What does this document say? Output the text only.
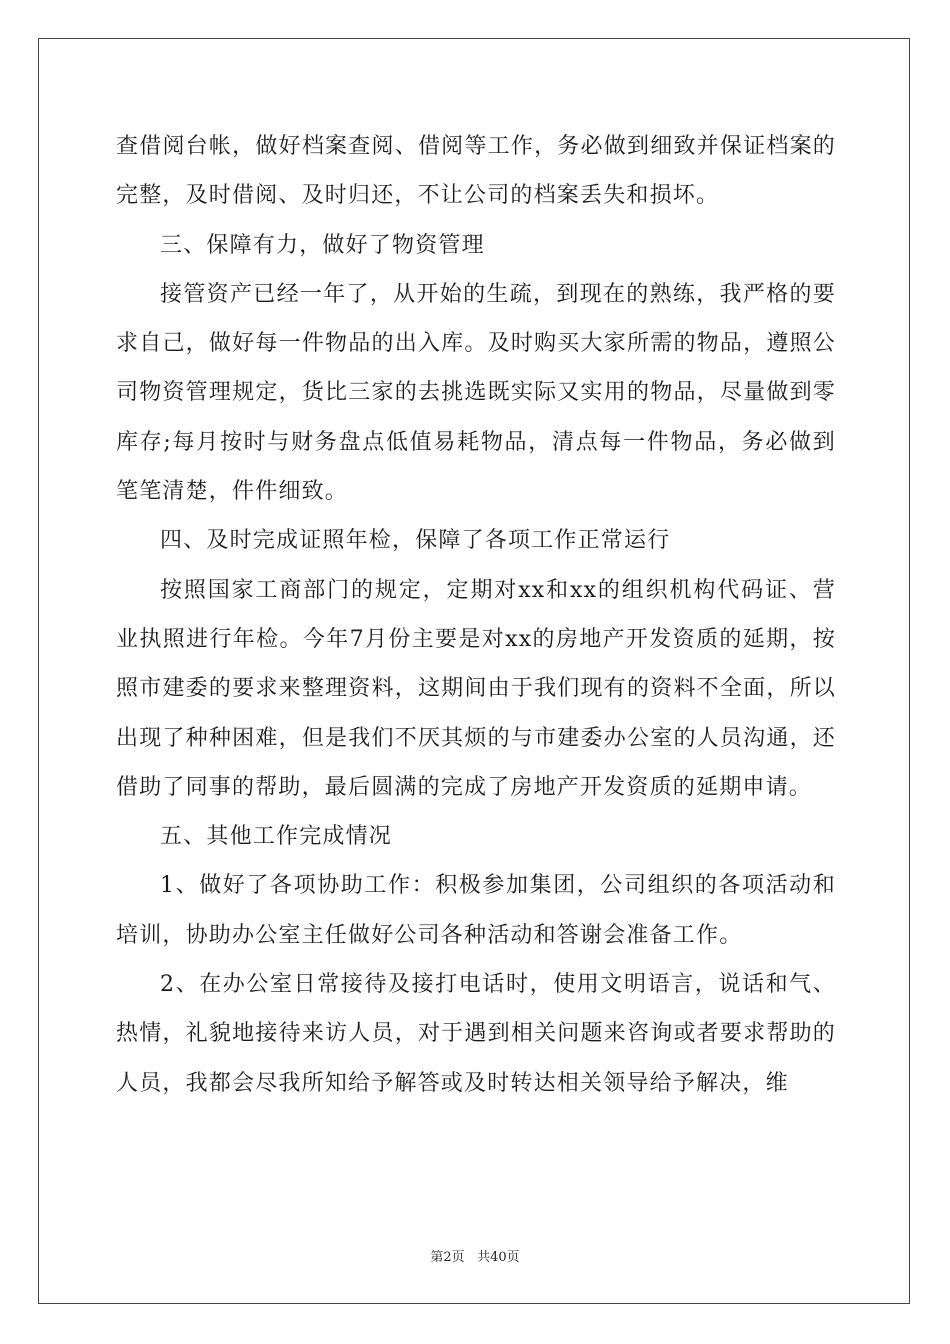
查借阅台帐，做好档案查阅、借阅等工作，务必做到细致并保证档案的完整，及时借阅、及时归还，不让公司的档案丢失和损坏。

三、保障有力，做好了物资管理

接管资产已经一年了，从开始的生疏，到现在的熟练，我严格的要求自己，做好每一件物品的出入库。及时购买大家所需的物品，遵照公司物资管理规定，货比三家的去挑选既实际又实用的物品，尽量做到零库存;每月按时与财务盘点低值易耗物品，清点每一件物品，务必做到笔笔清楚，件件细致。

四、及时完成证照年检，保障了各项工作正常运行

按照国家工商部门的规定，定期对xx和xx的组织机构代码证、营业执照进行年检。今年7月份主要是对xx的房地产开发资质的延期，按照市建委的要求来整理资料，这期间由于我们现有的资料不全面，所以出现了种种困难，但是我们不厌其烦的与市建委办公室的人员沟通，还借助了同事的帮助，最后圆满的完成了房地产开发资质的延期申请。

五、其他工作完成情况

1、做好了各项协助工作：积极参加集团，公司组织的各项活动和培训，协助办公室主任做好公司各种活动和答谢会准备工作。

2、在办公室日常接待及接打电话时，使用文明语言，说话和气、热情，礼貌地接待来访人员，对于遇到相关问题来咨询或者要求帮助的人员，我都会尽我所知给予解答或及时转达相关领导给予解决，维

第2页 共40页
